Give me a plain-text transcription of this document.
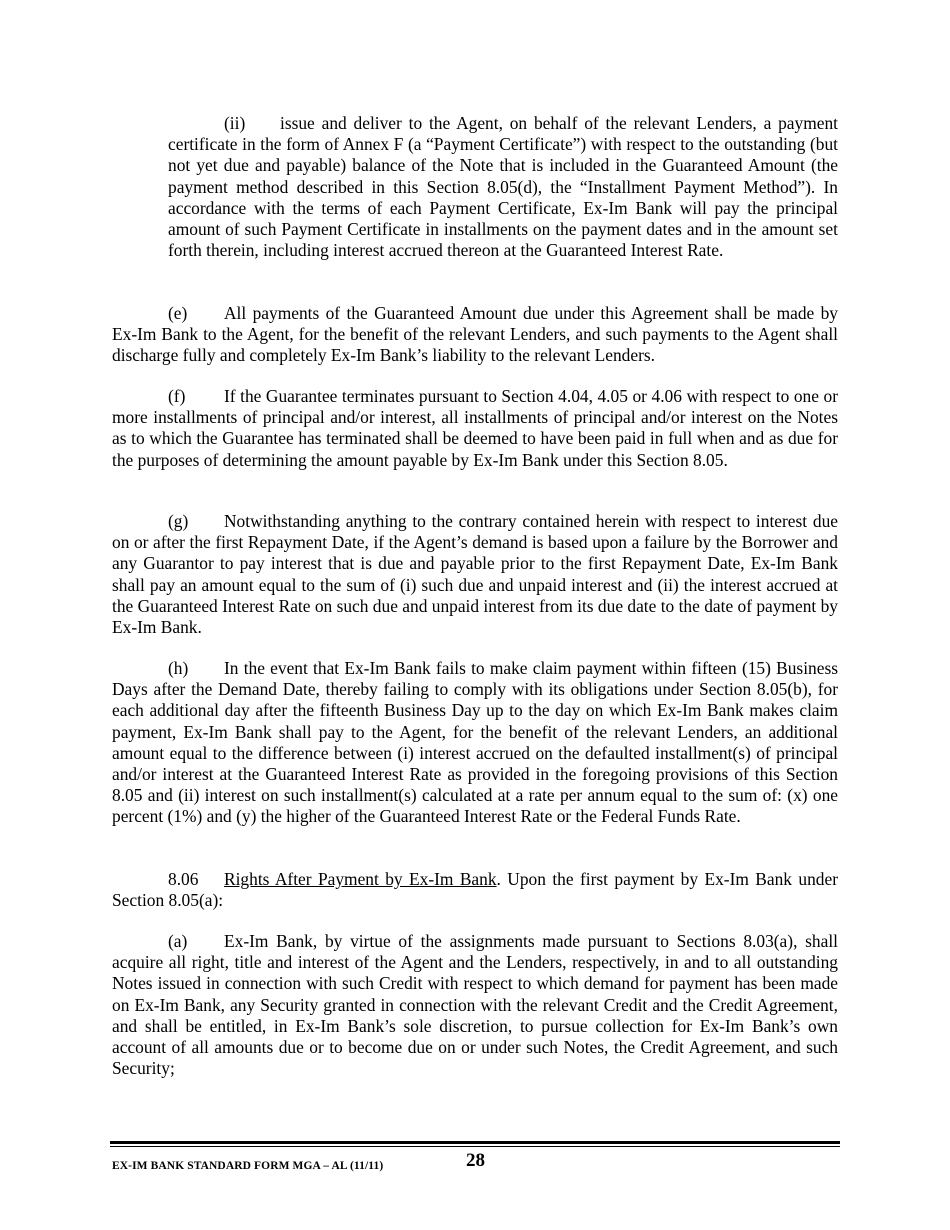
(ii) issue and deliver to the Agent, on behalf of the relevant Lenders, a payment certificate in the form of Annex F (a “Payment Certificate”) with respect to the outstanding (but not yet due and payable) balance of the Note that is included in the Guaranteed Amount (the payment method described in this Section 8.05(d), the “Installment Payment Method”). In accordance with the terms of each Payment Certificate, Ex-Im Bank will pay the principal amount of such Payment Certificate in installments on the payment dates and in the amount set forth therein, including interest accrued thereon at the Guaranteed Interest Rate.

(e) All payments of the Guaranteed Amount due under this Agreement shall be made by Ex-Im Bank to the Agent, for the benefit of the relevant Lenders, and such payments to the Agent shall discharge fully and completely Ex-Im Bank’s liability to the relevant Lenders.

(f) If the Guarantee terminates pursuant to Section 4.04, 4.05 or 4.06 with respect to one or more installments of principal and/or interest, all installments of principal and/or interest on the Notes as to which the Guarantee has terminated shall be deemed to have been paid in full when and as due for the purposes of determining the amount payable by Ex-Im Bank under this Section 8.05.

(g) Notwithstanding anything to the contrary contained herein with respect to interest due on or after the first Repayment Date, if the Agent’s demand is based upon a failure by the Borrower and any Guarantor to pay interest that is due and payable prior to the first Repayment Date, Ex-Im Bank shall pay an amount equal to the sum of (i) such due and unpaid interest and (ii) the interest accrued at the Guaranteed Interest Rate on such due and unpaid interest from its due date to the date of payment by Ex-Im Bank.

(h) In the event that Ex-Im Bank fails to make claim payment within fifteen (15) Business Days after the Demand Date, thereby failing to comply with its obligations under Section 8.05(b), for each additional day after the fifteenth Business Day up to the day on which Ex-Im Bank makes claim payment, Ex-Im Bank shall pay to the Agent, for the benefit of the relevant Lenders, an additional amount equal to the difference between (i) interest accrued on the defaulted installment(s) of principal and/or interest at the Guaranteed Interest Rate as provided in the foregoing provisions of this Section 8.05 and (ii) interest on such installment(s) calculated at a rate per annum equal to the sum of: (x) one percent (1%) and (y) the higher of the Guaranteed Interest Rate or the Federal Funds Rate.

8.06 Rights After Payment by Ex-Im Bank. Upon the first payment by Ex-Im Bank under Section 8.05(a):

(a) Ex-Im Bank, by virtue of the assignments made pursuant to Sections 8.03(a), shall acquire all right, title and interest of the Agent and the Lenders, respectively, in and to all outstanding Notes issued in connection with such Credit with respect to which demand for payment has been made on Ex-Im Bank, any Security granted in connection with the relevant Credit and the Credit Agreement, and shall be entitled, in Ex-Im Bank’s sole discretion, to pursue collection for Ex-Im Bank’s own account of all amounts due or to become due on or under such Notes, the Credit Agreement, and such Security;

EX-IM BANK STANDARD FORM MGA – AL (11/11)	28
